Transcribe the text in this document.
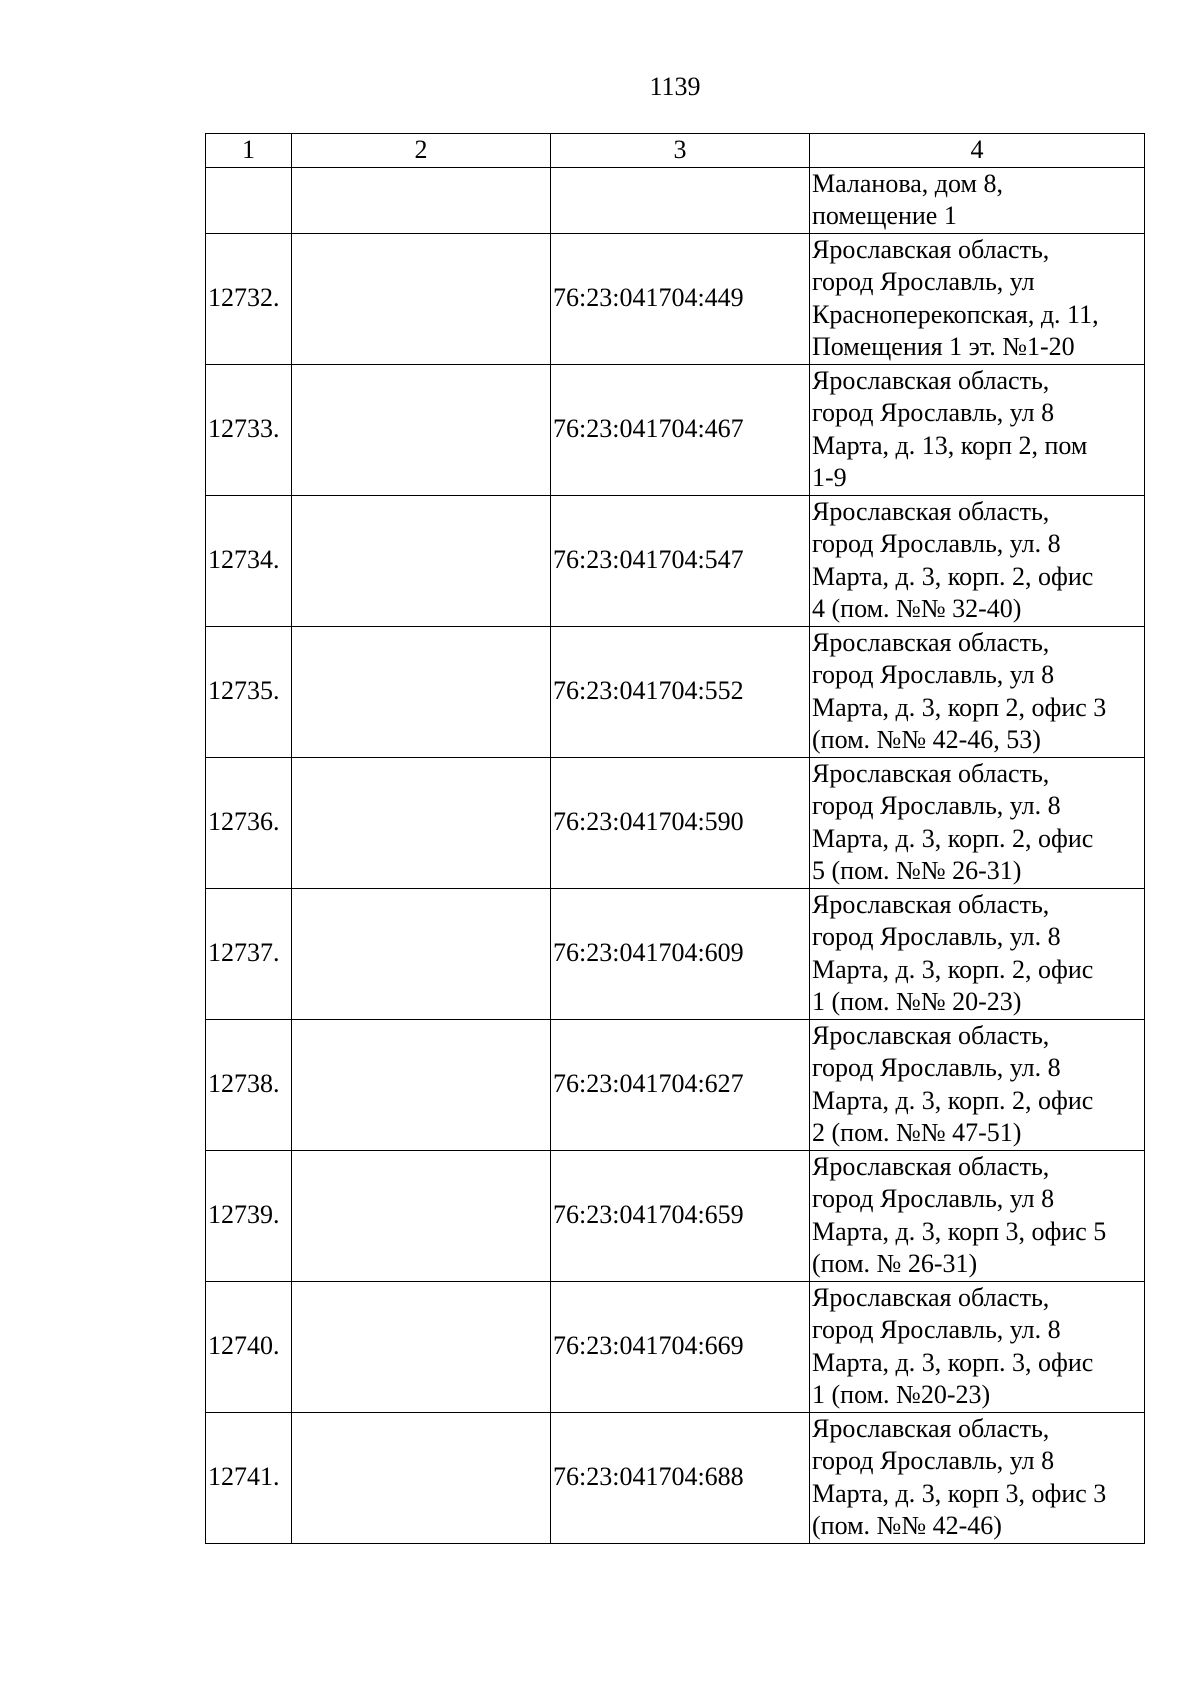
1139
1	2	3	4
			Маланова, дом 8,
помещение 1
12732.		76:23:041704:449	Ярославская область,
город Ярославль, ул
Красноперекопская, д. 11,
Помещения 1 эт. №1-20
12733.		76:23:041704:467	Ярославская область,
город Ярославль, ул 8
Марта, д. 13, корп 2, пом
1-9
12734.		76:23:041704:547	Ярославская область,
город Ярославль, ул. 8
Марта, д. 3, корп. 2, офис
4 (пом. №№ 32-40)
12735.		76:23:041704:552	Ярославская область,
город Ярославль, ул 8
Марта, д. 3, корп 2, офис 3
(пом. №№ 42-46, 53)
12736.		76:23:041704:590	Ярославская область,
город Ярославль, ул. 8
Марта, д. 3, корп. 2, офис
5 (пом. №№ 26-31)
12737.		76:23:041704:609	Ярославская область,
город Ярославль, ул. 8
Марта, д. 3, корп. 2, офис
1 (пом. №№ 20-23)
12738.		76:23:041704:627	Ярославская область,
город Ярославль, ул. 8
Марта, д. 3, корп. 2, офис
2 (пом. №№ 47-51)
12739.		76:23:041704:659	Ярославская область,
город Ярославль, ул 8
Марта, д. 3, корп 3, офис 5
(пом. № 26-31)
12740.		76:23:041704:669	Ярославская область,
город Ярославль, ул. 8
Марта, д. 3, корп. 3, офис
1 (пом. №20-23)
12741.		76:23:041704:688	Ярославская область,
город Ярославль, ул 8
Марта, д. 3, корп 3, офис 3
(пом. №№ 42-46)
